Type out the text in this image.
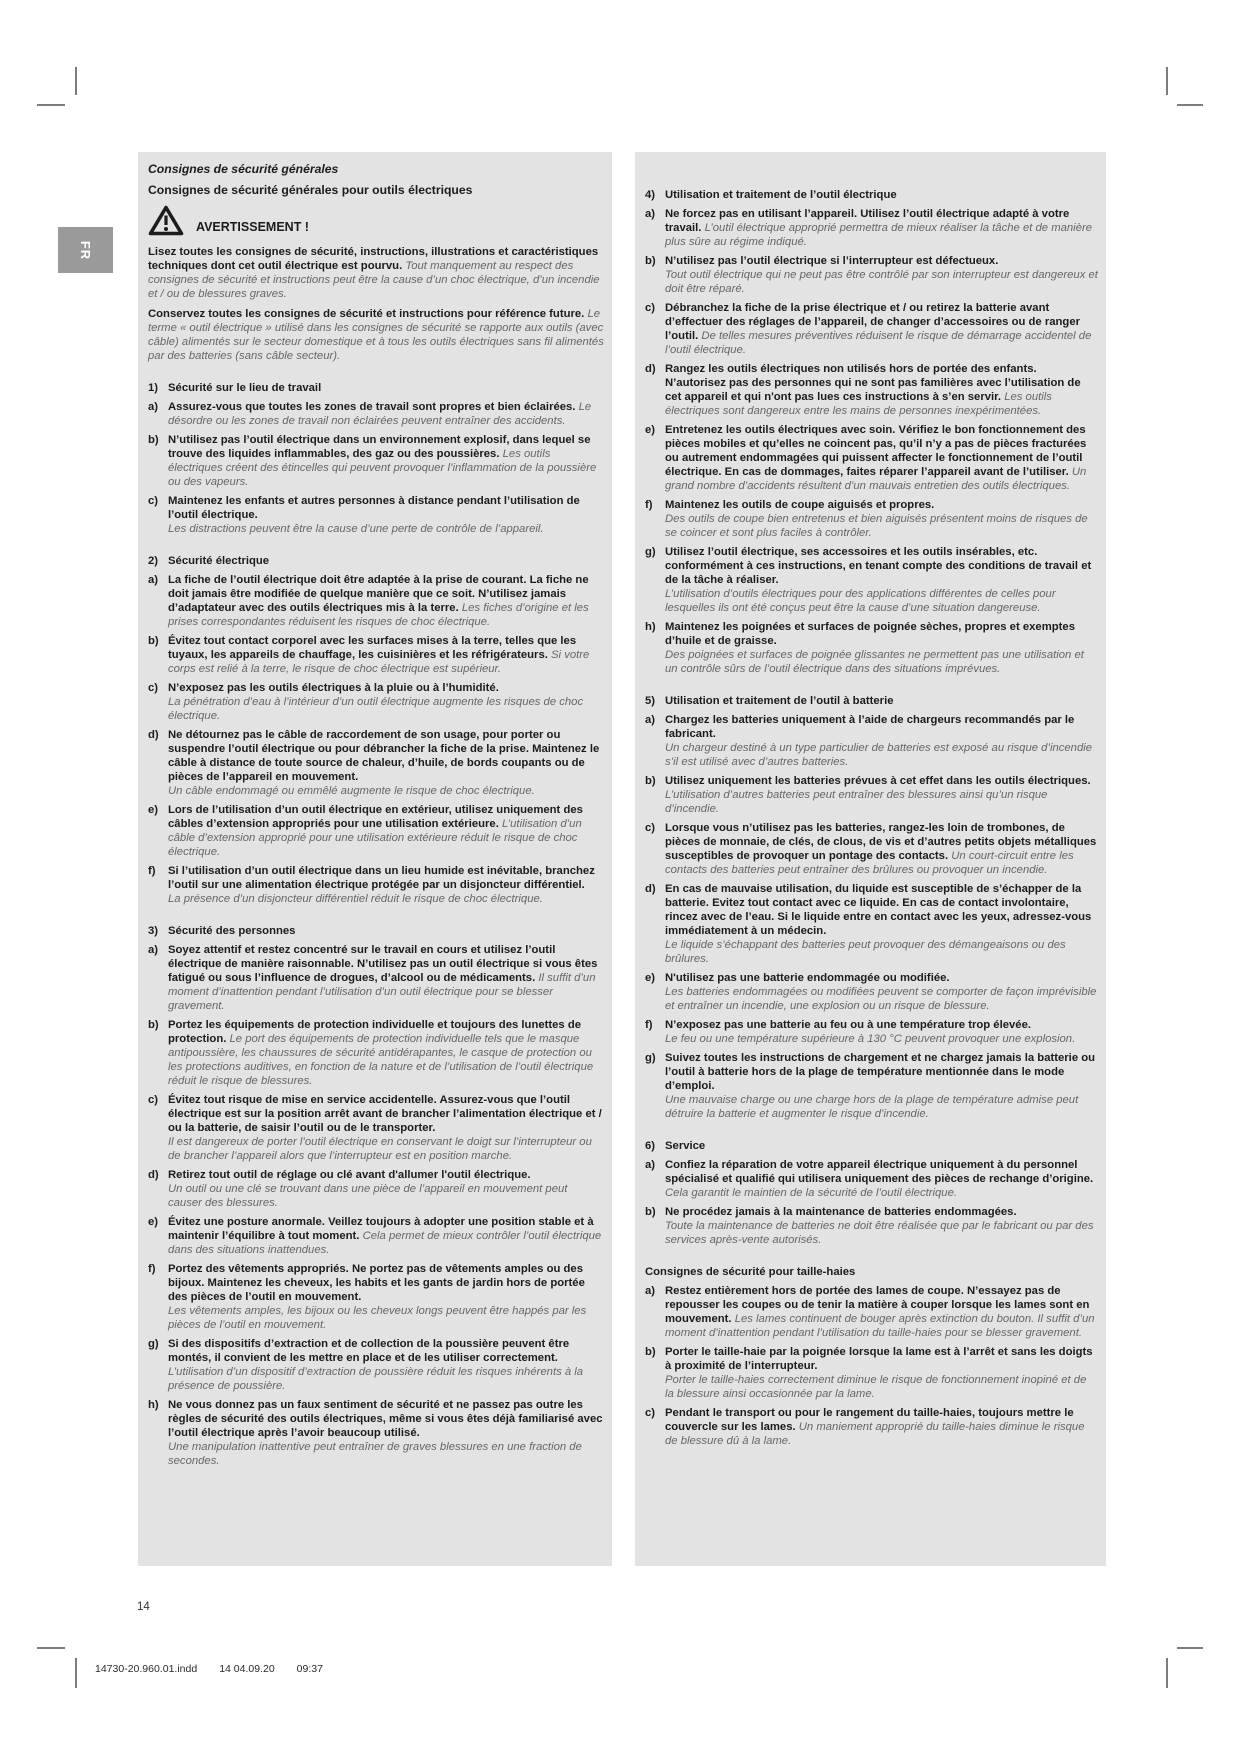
FR
Consignes de sécurité générales
Consignes de sécurité générales pour outils électriques
AVERTISSEMENT !
Lisez toutes les consignes de sécurité, instructions, illustrations et caractéristiques techniques dont cet outil électrique est pourvu. Tout manquement au respect des consignes de sécurité et instructions peut être la cause d’un choc électrique, d’un incendie et / ou de blessures graves.
Conservez toutes les consignes de sécurité et instructions pour référence future. Le terme « outil électrique » utilisé dans les consignes de sécurité se rapporte aux outils (avec câble) alimentés sur le secteur domestique et à tous les outils électriques sans fil alimentés par des batteries (sans câble secteur).
1) Sécurité sur le lieu de travail
a) Assurez-vous que toutes les zones de travail sont propres et bien éclairées. Le désordre ou les zones de travail non éclairées peuvent entraîner des accidents.
b) N’utilisez pas l’outil électrique dans un environnement explosif, dans lequel se trouve des liquides inflammables, des gaz ou des poussières. Les outils électriques créent des étincelles qui peuvent provoquer l’inflammation de la poussière ou des vapeurs.
c) Maintenez les enfants et autres personnes à distance pendant l’utilisation de l’outil électrique.
Les distractions peuvent être la cause d’une perte de contrôle de l’appareil.
2) Sécurité électrique
a) La fiche de l’outil électrique doit être adaptée à la prise de courant. La fiche ne doit jamais être modifiée de quelque manière que ce soit. N’utilisez jamais d’adaptateur avec des outils électriques mis à la terre. Les fiches d’origine et les prises correspondantes réduisent les risques de choc électrique.
b) Évitez tout contact corporel avec les surfaces mises à la terre, telles que les tuyaux, les appareils de chauffage, les cuisinières et les réfrigérateurs. Si votre corps est relié à la terre, le risque de choc électrique est supérieur.
c) N’exposez pas les outils électriques à la pluie ou à l’humidité.
La pénétration d’eau à l’intérieur d’un outil électrique augmente les risques de choc électrique.
d) Ne détournez pas le câble de raccordement de son usage, pour porter ou suspendre l’outil électrique ou pour débrancher la fiche de la prise. Maintenez le câble à distance de toute source de chaleur, d’huile, de bords coupants ou de pièces de l’appareil en mouvement.
Un câble endommagé ou emmêlé augmente le risque de choc électrique.
e) Lors de l’utilisation d’un outil électrique en extérieur, utilisez uniquement des câbles d’extension appropriés pour une utilisation extérieure. L’utilisation d’un câble d’extension approprié pour une utilisation extérieure réduit le risque de choc électrique.
f)	Si l’utilisation d’un outil électrique dans un lieu humide est inévitable, branchez l’outil sur une alimentation électrique protégée par un disjoncteur différentiel.
La présence d’un disjoncteur différentiel réduit le risque de choc électrique.
3) Sécurité des personnes
a) Soyez attentif et restez concentré sur le travail en cours et utilisez l’outil électrique de manière raisonnable. N’utilisez pas un outil électrique si vous êtes fatigué ou sous l’influence de drogues, d’alcool ou de médicaments. Il suffit d’un moment d’inattention pendant l’utilisation d’un outil électrique pour se blesser gravement.
b) Portez les équipements de protection individuelle et toujours des lunettes de protection. Le port des équipements de protection individuelle tels que le masque antipoussière, les chaussures de sécurité antidérapantes, le casque de protection ou les protections auditives, en fonction de la nature et de l’utilisation de l’outil électrique réduit le risque de blessures.
c) Évitez tout risque de mise en service accidentelle. Assurez-vous que l’outil électrique est sur la position arrêt avant de brancher l’alimentation électrique et / ou la batterie, de saisir l’outil ou de le transporter.
Il est dangereux de porter l’outil électrique en conservant le doigt sur l’interrupteur ou de brancher l’appareil alors que l’interrupteur est en position marche.
d) Retirez tout outil de réglage ou clé avant d'allumer l'outil électrique.
Un outil ou une clé se trouvant dans une pièce de l’appareil en mouvement peut causer des blessures.
e) Évitez une posture anormale. Veillez toujours à adopter une position stable et à maintenir l’équilibre à tout moment. Cela permet de mieux contrôler l’outil électrique dans des situations inattendues.
f)	Portez des vêtements appropriés. Ne portez pas de vêtements amples ou des bijoux. Maintenez les cheveux, les habits et les gants de jardin hors de portée des pièces de l’outil en mouvement.
Les vêtements amples, les bijoux ou les cheveux longs peuvent être happés par les pièces de l’outil en mouvement.
g) Si des dispositifs d’extraction et de collection de la poussière peuvent être montés, il convient de les mettre en place et de les utiliser correctement. L’utilisation d’un dispositif d’extraction de poussière réduit les risques inhérents à la présence de poussière.
h) Ne vous donnez pas un faux sentiment de sécurité et ne passez pas outre les règles de sécurité des outils électriques, même si vous êtes déjà familiarisé avec l’outil électrique après l’avoir beaucoup utilisé.
Une manipulation inattentive peut entraîner de graves blessures en une fraction de secondes.
4) Utilisation et traitement de l’outil électrique
a) Ne forcez pas en utilisant l’appareil. Utilisez l’outil électrique adapté à votre travail. L’outil électrique approprié permettra de mieux réaliser la tâche et de manière plus sûre au régime indiqué.
b) N’utilisez pas l’outil électrique si l’interrupteur est défectueux.
Tout outil électrique qui ne peut pas être contrôlé par son interrupteur est dangereux et doit être réparé.
c) Débranchez la fiche de la prise électrique et / ou retirez la batterie avant d’effectuer des réglages de l’appareil, de changer d’accessoires ou de ranger l’outil. De telles mesures préventives réduisent le risque de démarrage accidentel de l’outil électrique.
d) Rangez les outils électriques non utilisés hors de portée des enfants. N’autorisez pas des personnes qui ne sont pas familières avec l’utilisation de cet appareil et qui n'ont pas lues ces instructions à s’en servir. Les outils électriques sont dangereux entre les mains de personnes inexpérimentées.
e) Entretenez les outils électriques avec soin. Vérifiez le bon fonctionnement des pièces mobiles et qu’elles ne coincent pas, qu’il n’y a pas de pièces fracturées ou autrement endommagées qui puissent affecter le fonctionnement de l’outil électrique. En cas de dommages, faites réparer l’appareil avant de l’utiliser. Un grand nombre d’accidents résultent d’un mauvais entretien des outils électriques.
f)	Maintenez les outils de coupe aiguisés et propres.
Des outils de coupe bien entretenus et bien aiguisés présentent moins de risques de se coincer et sont plus faciles à contrôler.
g) Utilisez l’outil électrique, ses accessoires et les outils insérables, etc. conformément à ces instructions, en tenant compte des conditions de travail et de la tâche à réaliser.
L’utilisation d’outils électriques pour des applications différentes de celles pour lesquelles ils ont été conçus peut être la cause d’une situation dangereuse.
h) Maintenez les poignées et surfaces de poignée sèches, propres et exemptes d’huile et de graisse.
Des poignées et surfaces de poignée glissantes ne permettent pas une utilisation et un contrôle sûrs de l’outil électrique dans des situations imprévues.
5) Utilisation et traitement de l’outil à batterie
a) Chargez les batteries uniquement à l’aide de chargeurs recommandés par le fabricant.
Un chargeur destiné à un type particulier de batteries est exposé au risque d’incendie s’il est utilisé avec d’autres batteries.
b) Utilisez uniquement les batteries prévues à cet effet dans les outils électriques. L’utilisation d’autres batteries peut entraîner des blessures ainsi qu’un risque d’incendie.
c) Lorsque vous n’utilisez pas les batteries, rangez-les loin de trombones, de pièces de monnaie, de clés, de clous, de vis et d’autres petits objets métalliques susceptibles de provoquer un pontage des contacts. Un court-circuit entre les contacts des batteries peut entraîner des brûlures ou provoquer un incendie.
d) En cas de mauvaise utilisation, du liquide est susceptible de s’échapper de la batterie. Evitez tout contact avec ce liquide. En cas de contact involontaire, rincez avec de l’eau. Si le liquide entre en contact avec les yeux, adressez-vous immédiatement à un médecin.
Le liquide s’échappant des batteries peut provoquer des démangeaisons ou des brûlures.
e) N'utilisez pas une batterie endommagée ou modifiée.
Les batteries endommagées ou modifiées peuvent se comporter de façon imprévisible et entraîner un incendie, une explosion ou un risque de blessure.
f)	N’exposez pas une batterie au feu ou à une température trop élevée.
Le feu ou une température supérieure à 130 °C peuvent provoquer une explosion.
g) Suivez toutes les instructions de chargement et ne chargez jamais la batterie ou l’outil à batterie hors de la plage de température mentionnée dans le mode d’emploi.
Une mauvaise charge ou une charge hors de la plage de température admise peut détruire la batterie et augmenter le risque d’incendie.
6) Service
a) Confiez la réparation de votre appareil électrique uniquement à du personnel spécialisé et qualifié qui utilisera uniquement des pièces de rechange d’origine.
Cela garantit le maintien de la sécurité de l’outil électrique.
b) Ne procédez jamais à la maintenance de batteries endommagées.
Toute la maintenance de batteries ne doit être réalisée que par le fabricant ou par des services après-vente autorisés.
Consignes de sécurité pour taille-haies
a) Restez entièrement hors de portée des lames de coupe. N’essayez pas de repousser les coupes ou de tenir la matière à couper lorsque les lames sont en mouvement. Les lames continuent de bouger après extinction du bouton. Il suffit d’un moment d’inattention pendant l’utilisation du taille-haies pour se blesser gravement.
b) Porter le taille-haie par la poignée lorsque la lame est à l’arrêt et sans les doigts à proximité de l’interrupteur.
Porter le taille-haies correctement diminue le risque de fonctionnement inopiné et de la blessure ainsi occasionnée par la lame.
c) Pendant le transport ou pour le rangement du taille-haies, toujours mettre le couvercle sur les lames. Un maniement approprié du taille-haies diminue le risque de blessure dû à la lame.
14
14730-20.960.01.indd 14 04.09.20 09:37
